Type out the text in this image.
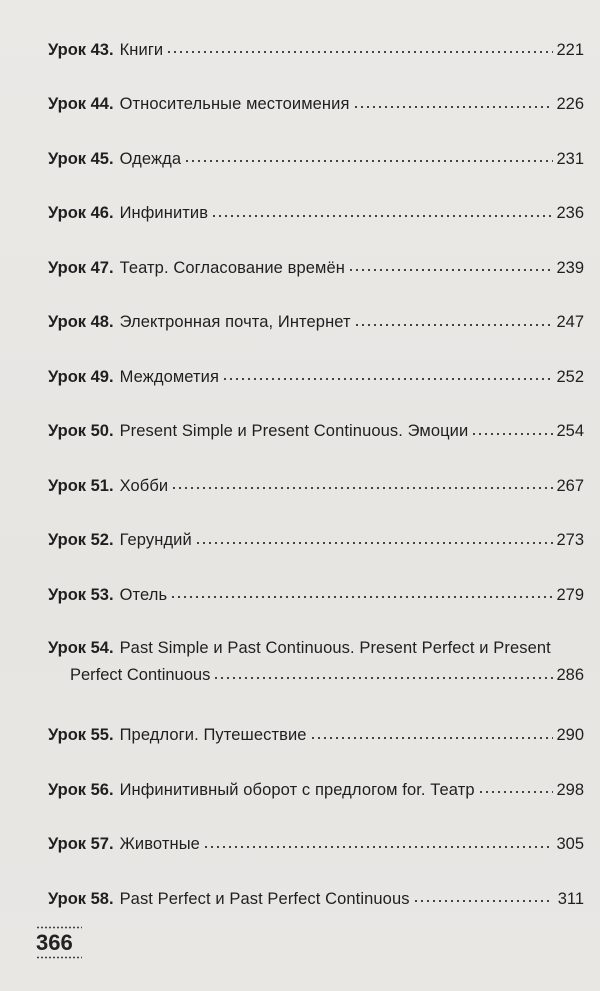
Урок 43. Книги	221
Урок 44. Относительные местоимения	226
Урок 45. Одежда	231
Урок 46. Инфинитив	236
Урок 47. Театр. Согласование времён	239
Урок 48. Электронная почта, Интернет	247
Урок 49. Междометия	252
Урок 50. Present Simple и Present Continuous. Эмоции	254
Урок 51. Хобби	267
Урок 52. Герундий	273
Урок 53. Отель	279
Урок 54. Past Simple и Past Continuous. Present Perfect и Present
Perfect Continuous	286
Урок 55. Предлоги. Путешествие	290
Урок 56. Инфинитивный оборот с предлогом for. Театр	298
Урок 57. Животные	305
Урок 58. Past Perfect и Past Perfect Continuous	311
366
